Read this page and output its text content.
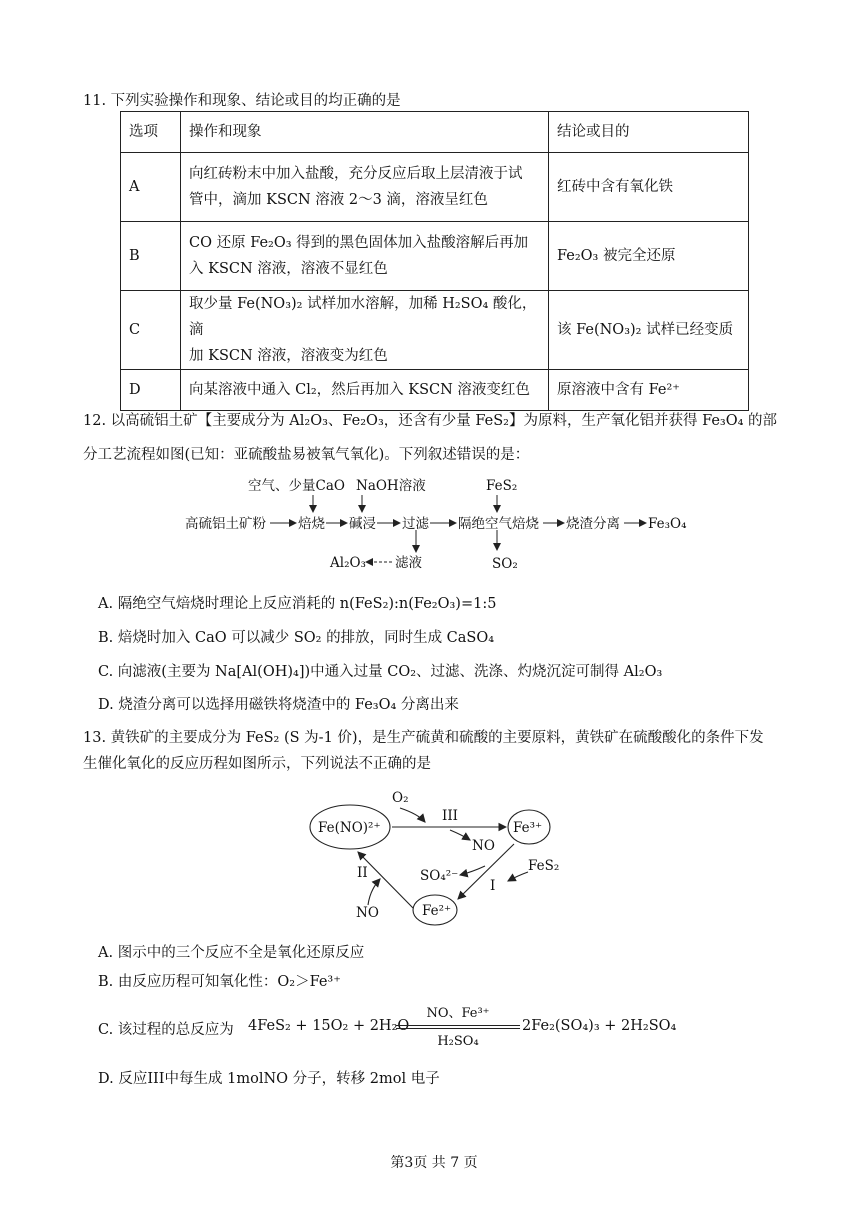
11. 下列实验操作和现象、结论或目的均正确的是
选项	操作和现象	结论或目的
A	向红砖粉末中加入盐酸，充分反应后取上层清液于试
管中，滴加 KSCN 溶液 2～3 滴，溶液呈红色	红砖中含有氧化铁
B	CO 还原 Fe₂O₃ 得到的黑色固体加入盐酸溶解后再加
入 KSCN 溶液，溶液不显红色	Fe₂O₃ 被完全还原
C	取少量 Fe(NO₃)₂ 试样加水溶解，加稀 H₂SO₄ 酸化，滴
加 KSCN 溶液，溶液变为红色	该 Fe(NO₃)₂ 试样已经变质
D	向某溶液中通入 Cl₂，然后再加入 KSCN 溶液变红色	原溶液中含有 Fe²⁺
12. 以高硫铝土矿【主要成分为 Al₂O₃、Fe₂O₃，还含有少量 FeS₂】为原料，生产氧化铝并获得 Fe₃O₄ 的部
分工艺流程如图(已知：亚硫酸盐易被氧气氧化)。下列叙述错误的是：
空气、少量CaO NaOH溶液	FeS₂
高硫铝土矿粉 焙烧 碱浸 过滤 隔绝空气焙烧 烧渣分离 Fe₃O₄
滤液
Al₂O₃	SO₂
A. 隔绝空气焙烧时理论上反应消耗的 n(FeS₂):n(Fe₂O₃)=1:5
B. 焙烧时加入 CaO 可以减少 SO₂ 的排放，同时生成 CaSO₄
C. 向滤液(主要为 Na[Al(OH)₄])中通入过量 CO₂、过滤、洗涤、灼烧沉淀可制得 Al₂O₃
D. 烧渣分离可以选择用磁铁将烧渣中的 Fe₃O₄ 分离出来
13. 黄铁矿的主要成分为 FeS₂ (S 为-1 价)，是生产硫黄和硫酸的主要原料，黄铁矿在硫酸酸化的条件下发
生催化氧化的反应历程如图所示，下列说法不正确的是
Fe(NO)²⁺	Fe³⁺
Fe²⁺
O₂
III
NO
FeS₂
SO₄²⁻
I
II
NO
A. 图示中的三个反应不全是氧化还原反应
B. 由反应历程可知氧化性：O₂＞Fe³⁺
C. 该过程的总反应为 4FeS₂ + 15O₂ + 2H₂O
NO、Fe³⁺
H₂SO₄
2Fe₂(SO₄)₃ + 2H₂SO₄
D. 反应III中每生成 1molNO 分子，转移 2mol 电子
第3页 共 7 页
